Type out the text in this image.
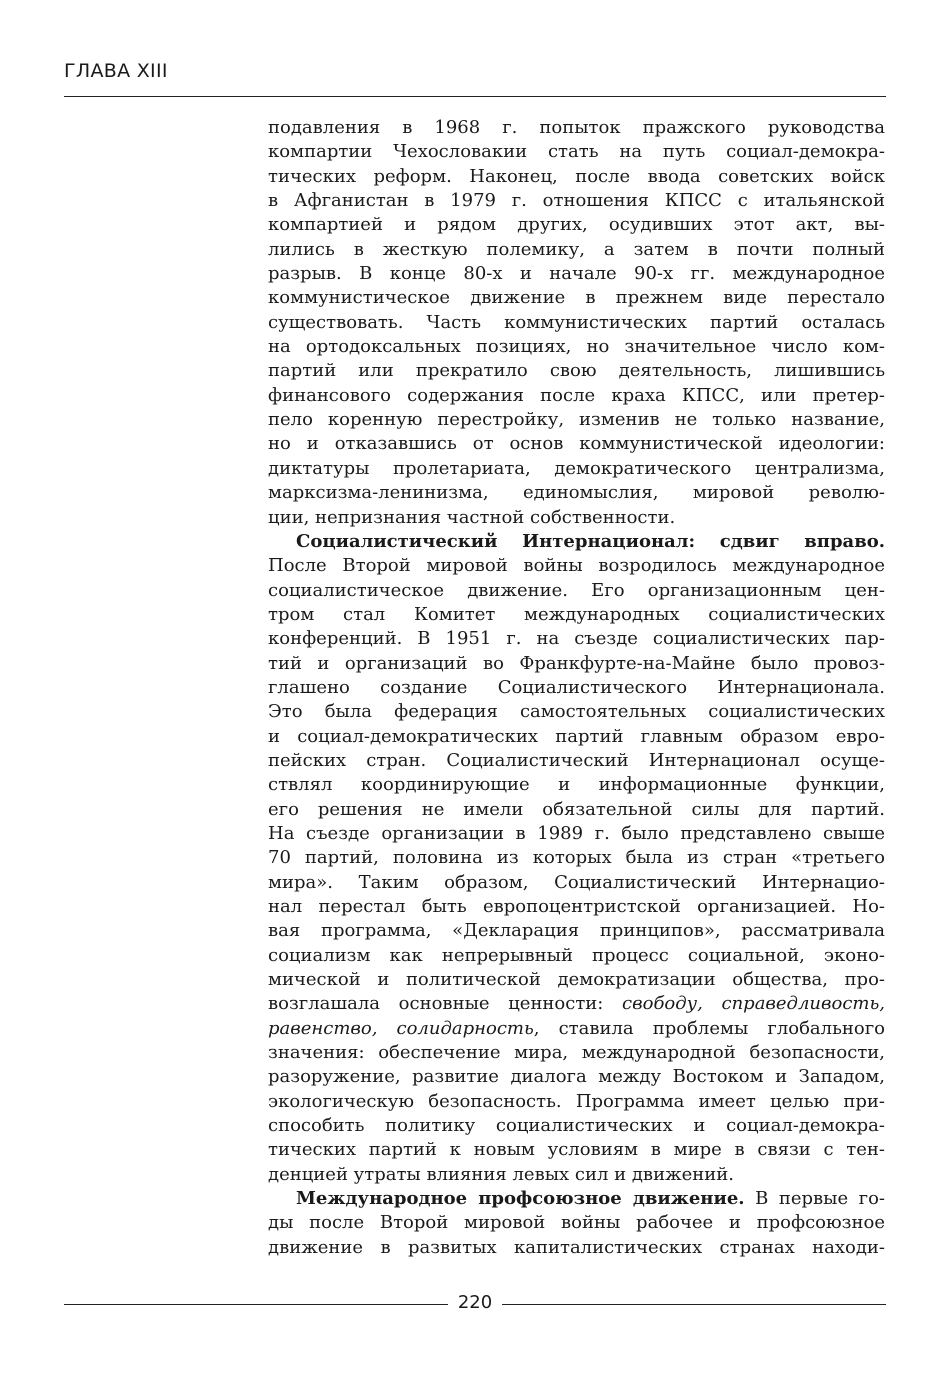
ГЛАВА XIII
подавления в 1968 г. попыток пражского руководства
компартии Чехословакии стать на путь социал-демокра-
тических реформ. Наконец, после ввода советских войск
в Афганистан в 1979 г. отношения КПСС с итальянской
компартией и рядом других, осудивших этот акт, вы-
лились в жесткую полемику, а затем в почти полный
разрыв. В конце 80-х и начале 90-х гг. международное
коммунистическое движение в прежнем виде перестало
существовать. Часть коммунистических партий осталась
на ортодоксальных позициях, но значительное число ком-
партий или прекратило свою деятельность, лишившись
финансового содержания после краха КПСС, или претер-
пело коренную перестройку, изменив не только название,
но и отказавшись от основ коммунистической идеологии:
диктатуры пролетариата, демократического централизма,
марксизма-ленинизма, единомыслия, мировой револю-
ции, непризнания частной собственности.
Социалистический Интернационал: сдвиг вправо.
После Второй мировой войны возродилось международное
социалистическое движение. Его организационным цен-
тром стал Комитет международных социалистических
конференций. В 1951 г. на съезде социалистических пар-
тий и организаций во Франкфурте-на-Майне было провоз-
глашено создание Социалистического Интернационала.
Это была федерация самостоятельных социалистических
и социал-демократических партий главным образом евро-
пейских стран. Социалистический Интернационал осуще-
ствлял координирующие и информационные функции,
его решения не имели обязательной силы для партий.
На съезде организации в 1989 г. было представлено свыше
70 партий, половина из которых была из стран «третьего
мира». Таким образом, Социалистический Интернацио-
нал перестал быть европоцентристской организацией. Но-
вая программа, «Декларация принципов», рассматривала
социализм как непрерывный процесс социальной, эконо-
мической и политической демократизации общества, про-
возглашала основные ценности: свободу, справедливость,
равенство, солидарность, ставила проблемы глобального
значения: обеспечение мира, международной безопасности,
разоружение, развитие диалога между Востоком и Западом,
экологическую безопасность. Программа имеет целью при-
способить политику социалистических и социал-демокра-
тических партий к новым условиям в мире в связи с тен-
денцией утраты влияния левых сил и движений.
Международное профсоюзное движение. В первые го-
ды после Второй мировой войны рабочее и профсоюзное
движение в развитых капиталистических странах находи-
220
